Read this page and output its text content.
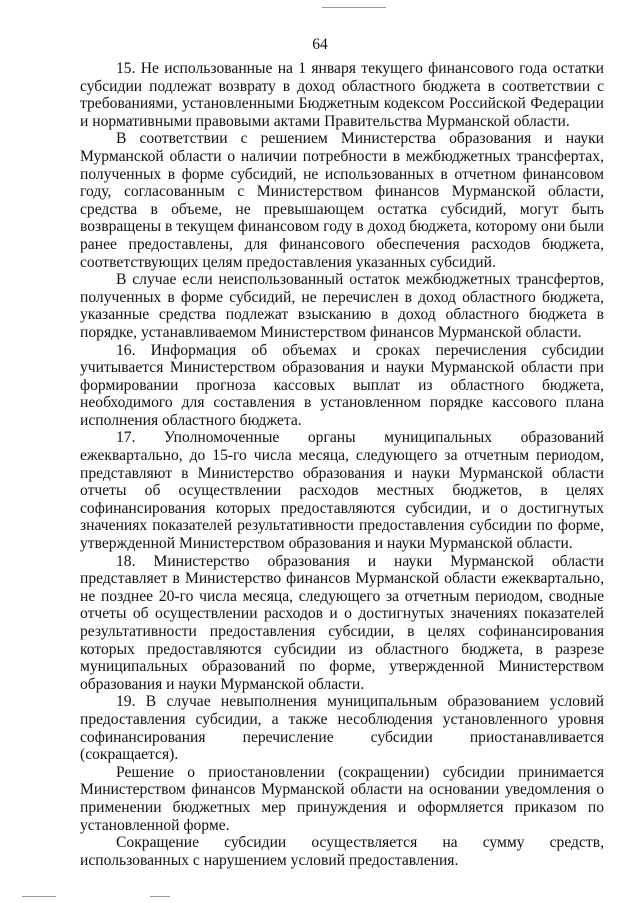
64

15. Не использованные на 1 января текущего финансового года остатки субсидии подлежат возврату в доход областного бюджета в соответствии с требованиями, установленными Бюджетным кодексом Российской Федерации и нормативными правовыми актами Правительства Мурманской области.

В соответствии с решением Министерства образования и науки Мурманской области о наличии потребности в межбюджетных трансфертах, полученных в форме субсидий, не использованных в отчетном финансовом году, согласованным с Министерством финансов Мурманской области, средства в объеме, не превышающем остатка субсидий, могут быть возвращены в текущем финансовом году в доход бюджета, которому они были ранее предоставлены, для финансового обеспечения расходов бюджета, соответствующих целям предоставления указанных субсидий.

В случае если неиспользованный остаток межбюджетных трансфертов, полученных в форме субсидий, не перечислен в доход областного бюджета, указанные средства подлежат взысканию в доход областного бюджета в порядке, устанавливаемом Министерством финансов Мурманской области.

16. Информация об объемах и сроках перечисления субсидии учитывается Министерством образования и науки Мурманской области при формировании прогноза кассовых выплат из областного бюджета, необходимого для составления в установленном порядке кассового плана исполнения областного бюджета.

17. Уполномоченные органы муниципальных образований ежеквартально, до 15-го числа месяца, следующего за отчетным периодом, представляют в Министерство образования и науки Мурманской области отчеты об осуществлении расходов местных бюджетов, в целях софинансирования которых предоставляются субсидии, и о достигнутых значениях показателей результативности предоставления субсидии по форме, утвержденной Министерством образования и науки Мурманской области.

18. Министерство образования и науки Мурманской области представляет в Министерство финансов Мурманской области ежеквартально, не позднее 20-го числа месяца, следующего за отчетным периодом, сводные отчеты об осуществлении расходов и о достигнутых значениях показателей результативности предоставления субсидии, в целях софинансирования которых предоставляются субсидии из областного бюджета, в разрезе муниципальных образований по форме, утвержденной Министерством образования и науки Мурманской области.

19. В случае невыполнения муниципальным образованием условий предоставления субсидии, а также несоблюдения установленного уровня софинансирования перечисление субсидии приостанавливается (сокращается).

Решение о приостановлении (сокращении) субсидии принимается Министерством финансов Мурманской области на основании уведомления о применении бюджетных мер принуждения и оформляется приказом по установленной форме.

Сокращение субсидии осуществляется на сумму средств, использованных с нарушением условий предоставления.
